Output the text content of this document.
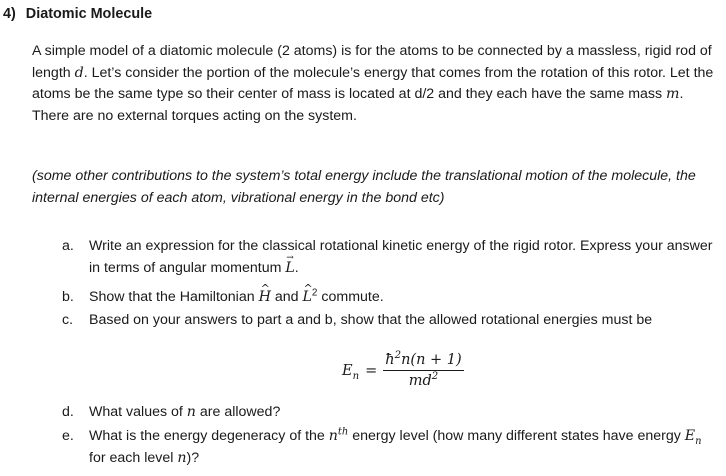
4) Diatomic Molecule
A simple model of a diatomic molecule (2 atoms) is for the atoms to be connected by a massless, rigid rod of length d. Let’s consider the portion of the molecule’s energy that comes from the rotation of this rotor. Let the atoms be the same type so their center of mass is located at d/2 and they each have the same mass m. There are no external torques acting on the system.
(some other contributions to the system’s total energy include the translational motion of the molecule, the internal energies of each atom, vibrational energy in the bond etc)
a.	Write an expression for the classical rotational kinetic energy of the rigid rotor. Express your answer in terms of angular momentum → L.
b.	Show that the Hamiltonian ^ H and ^ $L^2$ commute.
c.	Based on your answers to part a and b, show that the allowed rotational energies must be
d.	What values of n are allowed?
e.	What is the energy degeneracy of the $n^{th}$ energy level (how many different states have energy $E_n$ for each level n)?
$E_n = \frac{ħ^2n(n + 1)}{md^2}$
